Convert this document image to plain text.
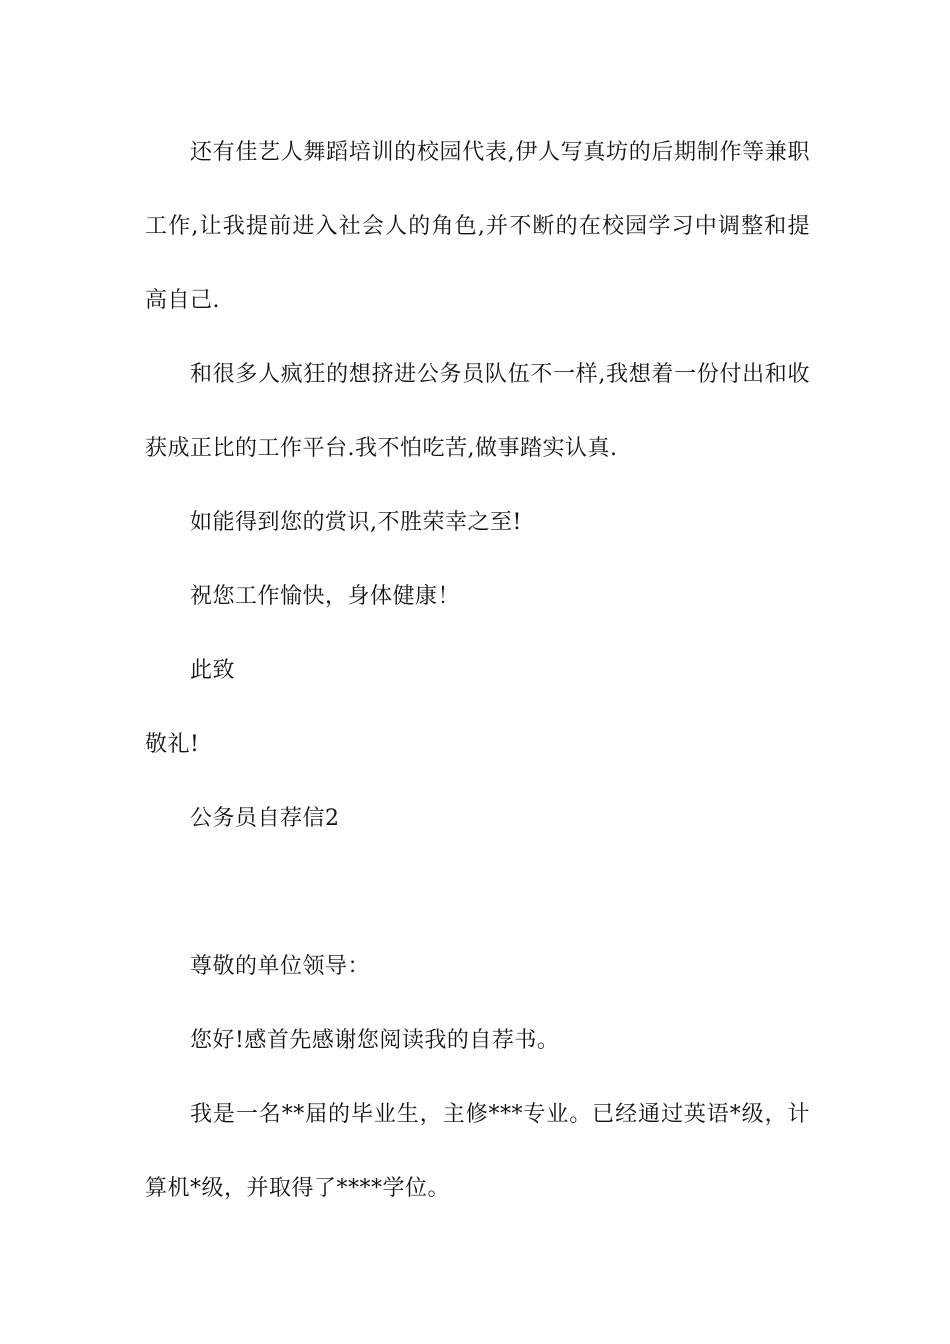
还有佳艺人舞蹈培训的校园代表,伊人写真坊的后期制作等兼职工作,让我提前进入社会人的角色,并不断的在校园学习中调整和提高自己.

和很多人疯狂的想挤进公务员队伍不一样,我想着一份付出和收获成正比的工作平台.我不怕吃苦,做事踏实认真.

如能得到您的赏识,不胜荣幸之至!

祝您工作愉快，身体健康！

此致

敬礼!

公务员自荐信2

尊敬的单位领导：

您好!感首先感谢您阅读我的自荐书。

我是一名**届的毕业生，主修***专业。已经通过英语*级，计算机*级，并取得了****学位。
